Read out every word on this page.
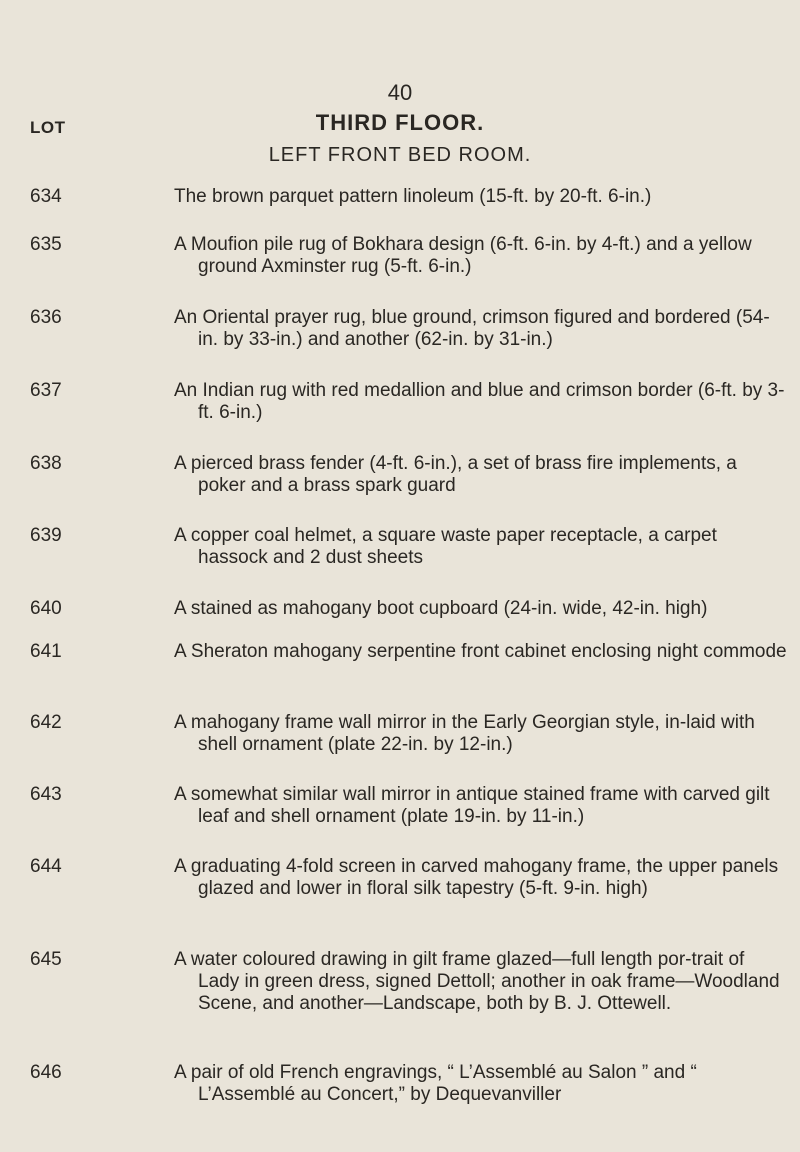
LOT
40
THIRD FLOOR.
LEFT FRONT BED ROOM.
634	The brown parquet pattern linoleum (15-ft. by 20-ft. 6-in.)
635	A Moufion pile rug of Bokhara design (6-ft. 6-in. by 4-ft.) and a yellow ground Axminster rug (5-ft. 6-in.)
636	An Oriental prayer rug, blue ground, crimson figured and bordered (54-in. by 33-in.) and another (62-in. by 31-in.)
637	An Indian rug with red medallion and blue and crimson border (6-ft. by 3-ft. 6-in.)
638	A pierced brass fender (4-ft. 6-in.), a set of brass fire implements, a poker and a brass spark guard
639	A copper coal helmet, a square waste paper receptacle, a carpet hassock and 2 dust sheets
640	A stained as mahogany boot cupboard (24-in. wide, 42-in. high)
641	A Sheraton mahogany serpentine front cabinet enclosing night commode
642	A mahogany frame wall mirror in the Early Georgian style, in-laid with shell ornament (plate 22-in. by 12-in.)
643	A somewhat similar wall mirror in antique stained frame with carved gilt leaf and shell ornament (plate 19-in. by 11-in.)
644	A graduating 4-fold screen in carved mahogany frame, the upper panels glazed and lower in floral silk tapestry (5-ft. 9-in. high)
645	A water coloured drawing in gilt frame glazed—full length por-trait of Lady in green dress, signed Dettoll; another in oak frame—Woodland Scene, and another—Landscape, both by B. J. Ottewell.
646	A pair of old French engravings, “ L’Assemblé au Salon ” and “ L’Assemblé au Concert,” by Dequevanviller
